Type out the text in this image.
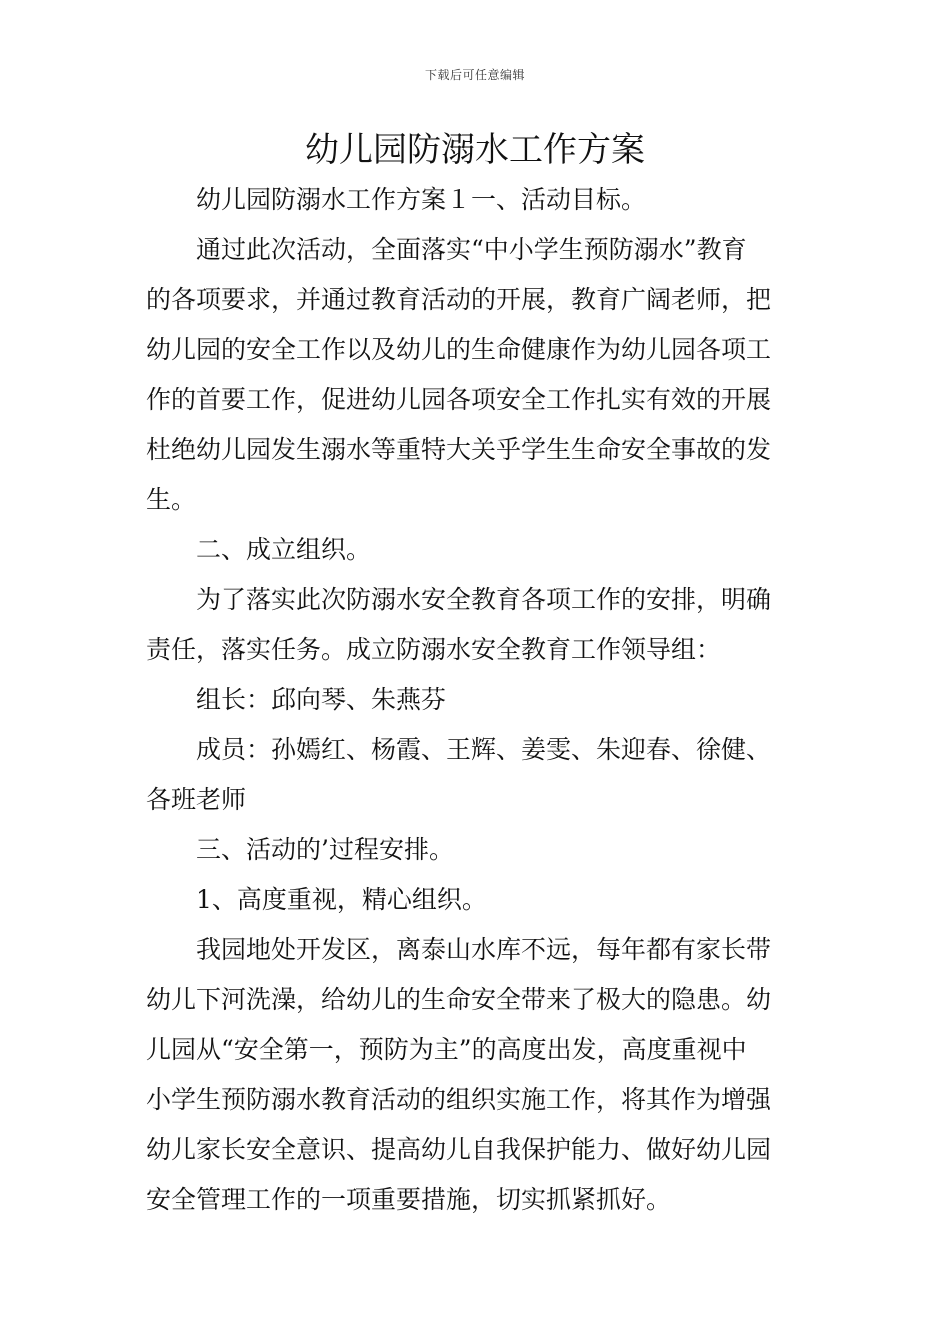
下载后可任意编辑
幼儿园防溺水工作方案

幼儿园防溺水工作方案１一、活动目标。

通过此次活动，全面落实“中小学生预防溺水”教育
的各项要求，并通过教育活动的开展，教育广阔老师，把
幼儿园的安全工作以及幼儿的生命健康作为幼儿园各项工
作的首要工作，促进幼儿园各项安全工作扎实有效的开展
杜绝幼儿园发生溺水等重特大关乎学生生命安全事故的发
生。

二、成立组织。

为了落实此次防溺水安全教育各项工作的安排，明确
责任，落实任务。成立防溺水安全教育工作领导组：

组长：邱向琴、朱燕芬

成员：孙嫣红、杨霞、王辉、姜雯、朱迎春、徐健、
各班老师

三、活动的’过程安排。

1、高度重视，精心组织。

我园地处开发区，离泰山水库不远，每年都有家长带
幼儿下河洗澡，给幼儿的生命安全带来了极大的隐患。幼
儿园从“安全第一，预防为主”的高度出发，高度重视中
小学生预防溺水教育活动的组织实施工作，将其作为增强
幼儿家长安全意识、提高幼儿自我保护能力、做好幼儿园
安全管理工作的一项重要措施，切实抓紧抓好。
